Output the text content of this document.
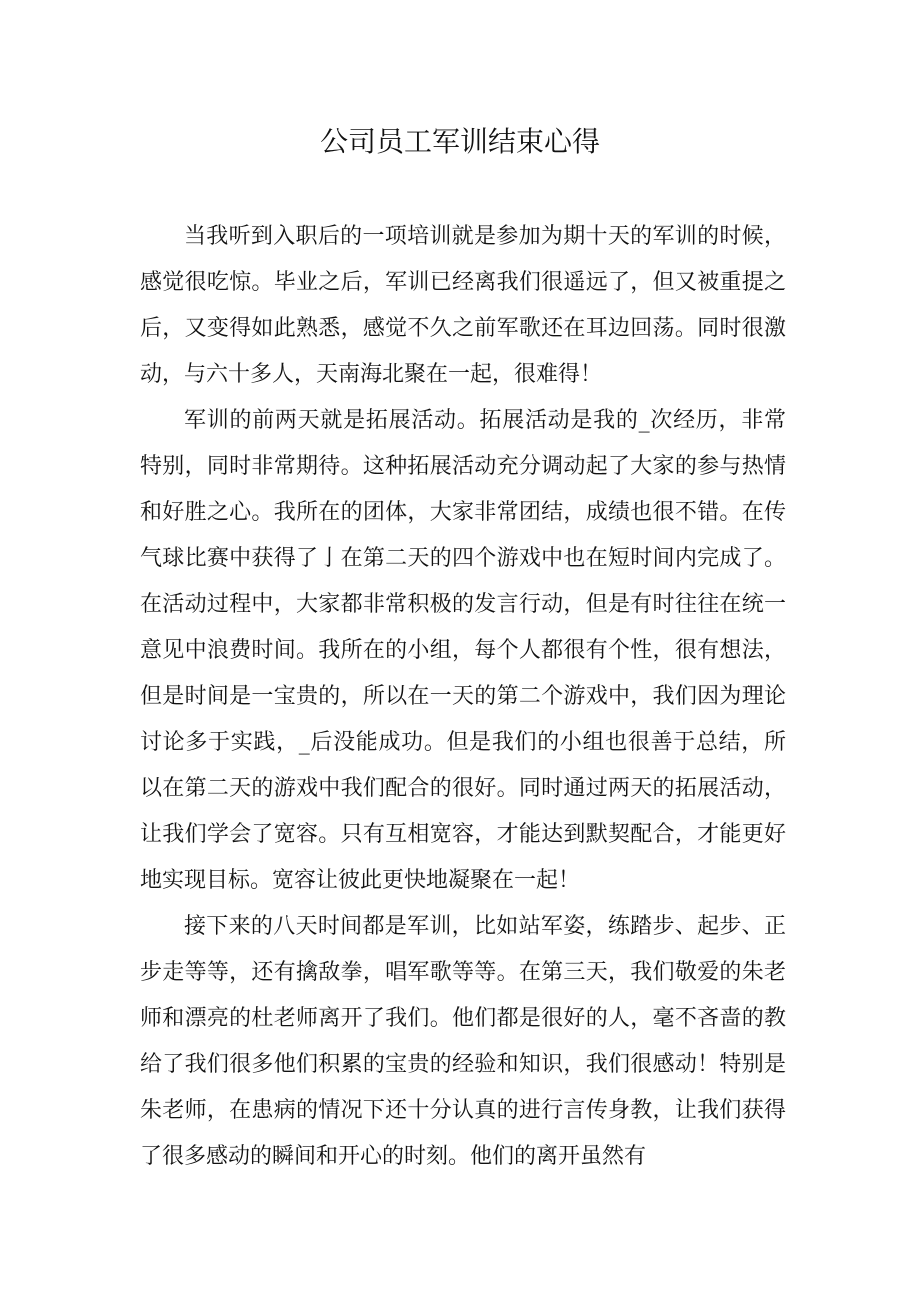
公司员工军训结束心得

当我听到入职后的一项培训就是参加为期十天的军训的时候，感觉很吃惊。毕业之后，军训已经离我们很遥远了，但又被重提之后，又变得如此熟悉，感觉不久之前军歌还在耳边回荡。同时很激动，与六十多人，天南海北聚在一起，很难得！

军训的前两天就是拓展活动。拓展活动是我的_次经历，非常特别，同时非常期待。这种拓展活动充分调动起了大家的参与热情和好胜之心。我所在的团体，大家非常团结，成绩也很不错。在传气球比赛中获得了亅在第二天的四个游戏中也在短时间内完成了。在活动过程中，大家都非常积极的发言行动，但是有时往往在统一意见中浪费时间。我所在的小组，每个人都很有个性，很有想法，但是时间是一宝贵的，所以在一天的第二个游戏中，我们因为理论讨论多于实践，_后没能成功。但是我们的小组也很善于总结，所以在第二天的游戏中我们配合的很好。同时通过两天的拓展活动，让我们学会了宽容。只有互相宽容，才能达到默契配合，才能更好地实现目标。宽容让彼此更快地凝聚在一起！

接下来的八天时间都是军训，比如站军姿，练踏步、起步、正步走等等，还有擒敌拳，唱军歌等等。在第三天，我们敬爱的朱老师和漂亮的杜老师离开了我们。他们都是很好的人，毫不吝啬的教给了我们很多他们积累的宝贵的经验和知识，我们很感动！特别是朱老师，在患病的情况下还十分认真的进行言传身教，让我们获得了很多感动的瞬间和开心的时刻。他们的离开虽然有
